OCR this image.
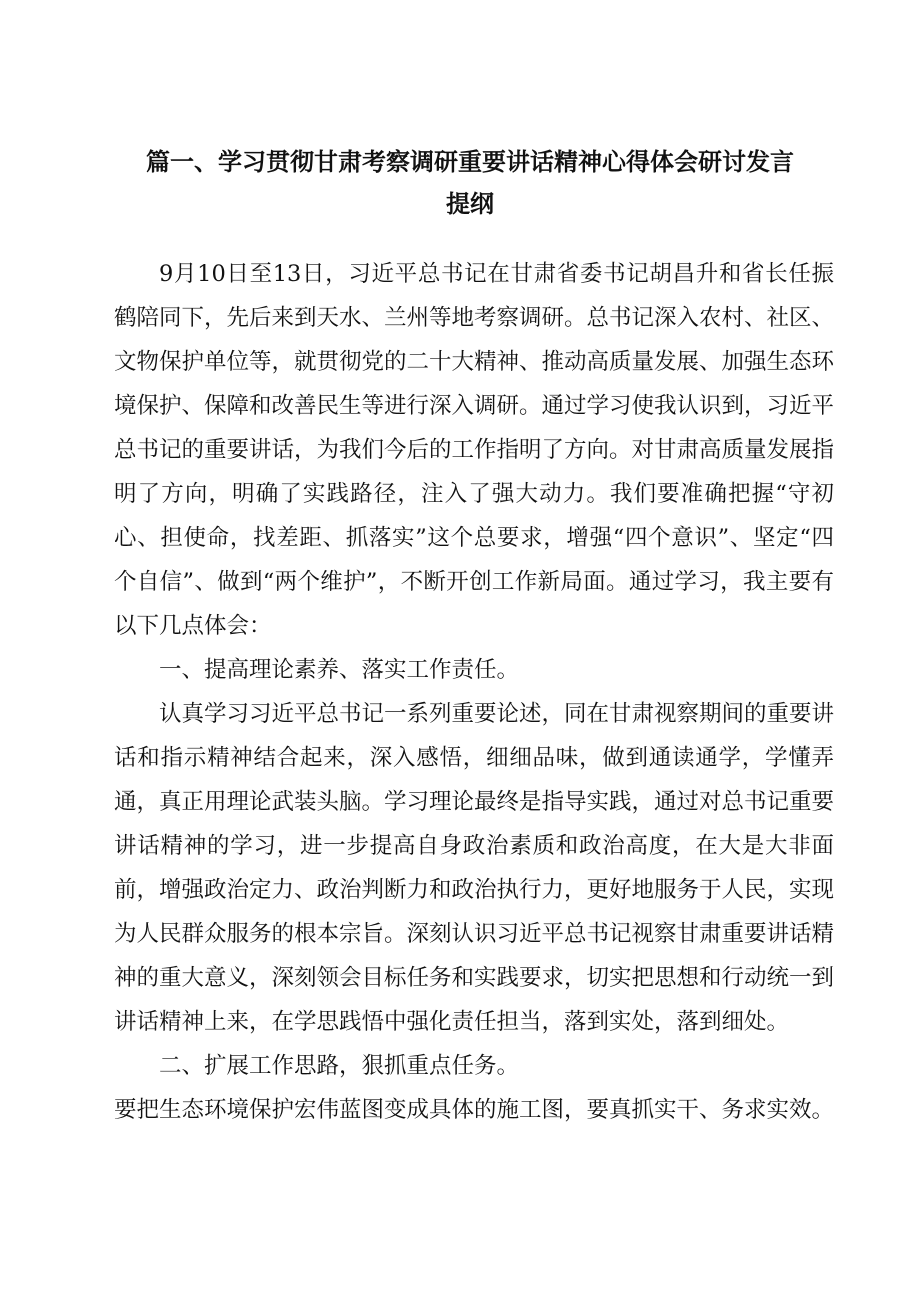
篇一、学习贯彻甘肃考察调研重要讲话精神心得体会研讨发言
提纲

9月10日至13日，习近平总书记在甘肃省委书记胡昌升和省长任振鹤陪同下，先后来到天水、兰州等地考察调研。总书记深入农村、社区、文物保护单位等，就贯彻党的二十大精神、推动高质量发展、加强生态环境保护、保障和改善民生等进行深入调研。通过学习使我认识到，习近平总书记的重要讲话，为我们今后的工作指明了方向。对甘肃高质量发展指明了方向，明确了实践路径，注入了强大动力。我们要准确把握“守初心、担使命，找差距、抓落实”这个总要求，增强“四个意识”、坚定“四个自信”、做到“两个维护”，不断开创工作新局面。通过学习，我主要有以下几点体会：

一、提高理论素养、落实工作责任。

认真学习习近平总书记一系列重要论述，同在甘肃视察期间的重要讲话和指示精神结合起来，深入感悟，细细品味，做到通读通学，学懂弄通，真正用理论武装头脑。学习理论最终是指导实践，通过对总书记重要讲话精神的学习，进一步提高自身政治素质和政治高度，在大是大非面前，增强政治定力、政治判断力和政治执行力，更好地服务于人民，实现为人民群众服务的根本宗旨。深刻认识习近平总书记视察甘肃重要讲话精神的重大意义，深刻领会目标任务和实践要求，切实把思想和行动统一到讲话精神上来，在学思践悟中强化责任担当，落到实处，落到细处。

二、扩展工作思路，狠抓重点任务。

要把生态环境保护宏伟蓝图变成具体的施工图，要真抓实干、务求实效。
